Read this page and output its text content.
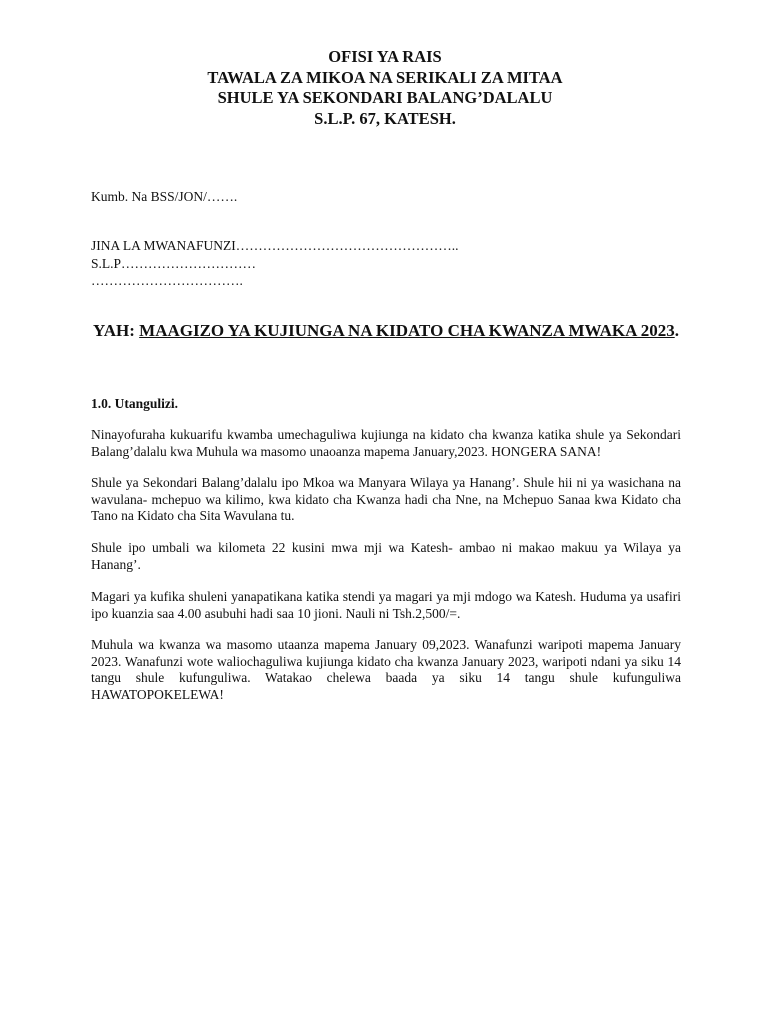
OFISI YA RAIS
TAWALA ZA MIKOA NA SERIKALI ZA MITAA
SHULE YA SEKONDARI BALANG’DALALU
S.L.P. 67, KATESH.
Kumb. Na BSS/JON/…….
JINA LA MWANAFUNZI…………………………………………..
S.L.P…………………………
…………………………….
YAH: MAAGIZO YA KUJIUNGA NA KIDATO CHA KWANZA MWAKA 2023.
1.0. Utangulizi.

Ninayofuraha kukuarifu kwamba umechaguliwa kujiunga na kidato cha kwanza katika shule ya Sekondari Balang’dalalu kwa Muhula wa masomo unaoanza mapema January,2023. HONGERA SANA!

Shule ya Sekondari Balang’dalalu ipo Mkoa wa Manyara Wilaya ya Hanang’. Shule hii ni ya wasichana na wavulana- mchepuo wa kilimo, kwa kidato cha Kwanza hadi cha Nne, na Mchepuo Sanaa kwa Kidato cha Tano na Kidato cha Sita Wavulana tu.

Shule ipo umbali wa kilometa 22 kusini mwa mji wa Katesh- ambao ni makao makuu ya Wilaya ya Hanang’.

Magari ya kufika shuleni yanapatikana katika stendi ya magari ya mji mdogo wa Katesh. Huduma ya usafiri ipo kuanzia saa 4.00 asubuhi hadi saa 10 jioni. Nauli ni Tsh.2,500/=.

Muhula wa kwanza wa masomo utaanza mapema January 09,2023. Wanafunzi waripoti mapema January 2023. Wanafunzi wote waliochaguliwa kujiunga kidato cha kwanza January 2023, waripoti ndani ya siku 14 tangu shule kufunguliwa. Watakao chelewa baada ya siku 14 tangu shule kufunguliwa HAWATOPOKELEWA!
